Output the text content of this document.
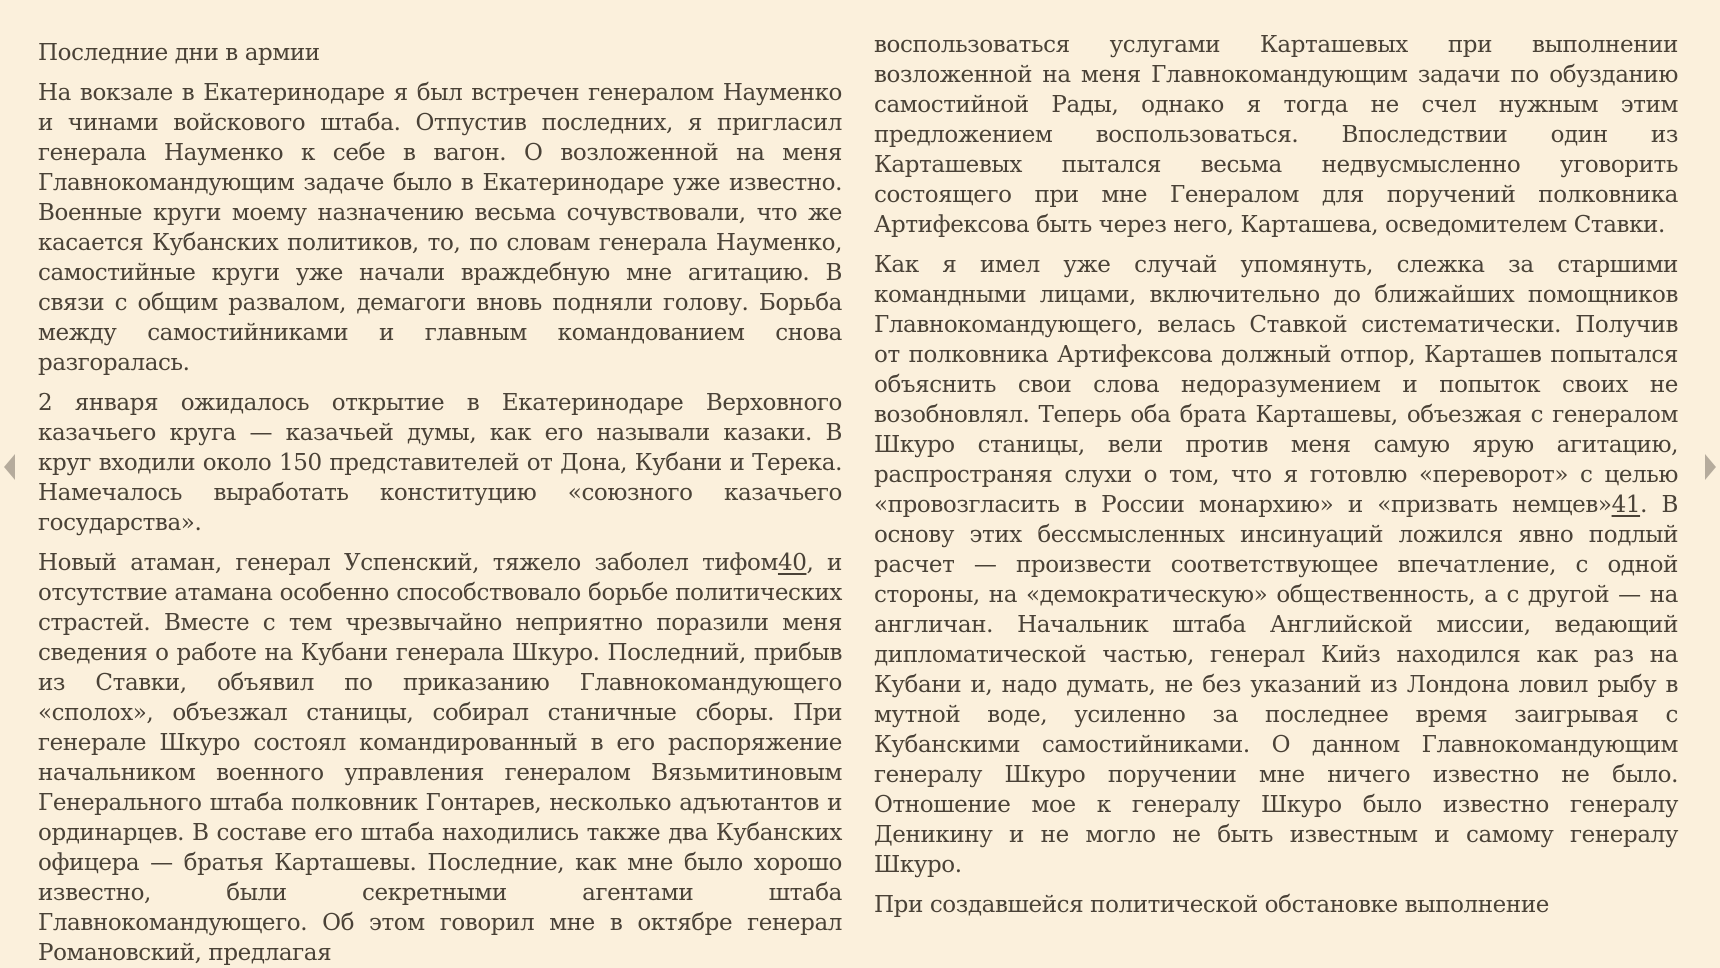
Последние дни в армии

На вокзале в Екатеринодаре я был встречен генералом Науменко и чинами войскового штаба. Отпустив последних, я пригласил генерала Науменко к себе в вагон. О возложенной на меня Главнокомандующим задаче было в Екатеринодаре уже известно. Военные круги моему назначению весьма сочувствовали, что же касается Кубанских политиков, то, по словам генерала Науменко, самостийные круги уже начали враждебную мне агитацию. В связи с общим развалом, демагоги вновь подняли голову. Борьба между самостийниками и главным командованием снова разгоралась.

2 января ожидалось открытие в Екатеринодаре Верховного казачьего круга — казачьей думы, как его называли казаки. В круг входили около 150 представителей от Дона, Кубани и Терека. Намечалось выработать конституцию «союзного казачьего государства».

Новый атаман, генерал Успенский, тяжело заболел тифом40, и отсутствие атамана особенно способствовало борьбе политических страстей. Вместе с тем чрезвычайно неприятно поразили меня сведения о работе на Кубани генерала Шкуро. Последний, прибыв из Ставки, объявил по приказанию Главнокомандующего «сполох», объезжал станицы, собирал станичные сборы. При генерале Шкуро состоял командированный в его распоряжение начальником военного управления генералом Вязьмитиновым Генерального штаба полковник Гонтарев, несколько адъютантов и ординарцев. В составе его штаба находились также два Кубанских офицера — братья Карташевы. Последние, как мне было хорошо известно, были секретными агентами штаба Главнокомандующего. Об этом говорил мне в октябре генерал Романовский, предлагая

воспользоваться услугами Карташевых при выполнении возложенной на меня Главнокомандующим задачи по обузданию самостийной Рады, однако я тогда не счел нужным этим предложением воспользоваться. Впоследствии один из Карташевых пытался весьма недвусмысленно уговорить состоящего при мне Генералом для поручений полковника Артифексова быть через него, Карташева, осведомителем Ставки.

Как я имел уже случай упомянуть, слежка за старшими командными лицами, включительно до ближайших помощников Главнокомандующего, велась Ставкой систематически. Получив от полковника Артифексова должный отпор, Карташев попытался объяснить свои слова недоразумением и попыток своих не возобновлял. Теперь оба брата Карташевы, объезжая с генералом Шкуро станицы, вели против меня самую ярую агитацию, распространяя слухи о том, что я готовлю «переворот» с целью «провозгласить в России монархию» и «призвать немцев»41. В основу этих бессмысленных инсинуаций ложился явно подлый расчет — произвести соответствующее впечатление, с одной стороны, на «демократическую» общественность, а с другой — на англичан. Начальник штаба Английской миссии, ведающий дипломатической частью, генерал Кийз находился как раз на Кубани и, надо думать, не без указаний из Лондона ловил рыбу в мутной воде, усиленно за последнее время заигрывая с Кубанскими самостийниками. О данном Главнокомандующим генералу Шкуро поручении мне ничего известно не было. Отношение мое к генералу Шкуро было известно генералу Деникину и не могло не быть известным и самому генералу Шкуро.

При создавшейся политической обстановке выполнение
